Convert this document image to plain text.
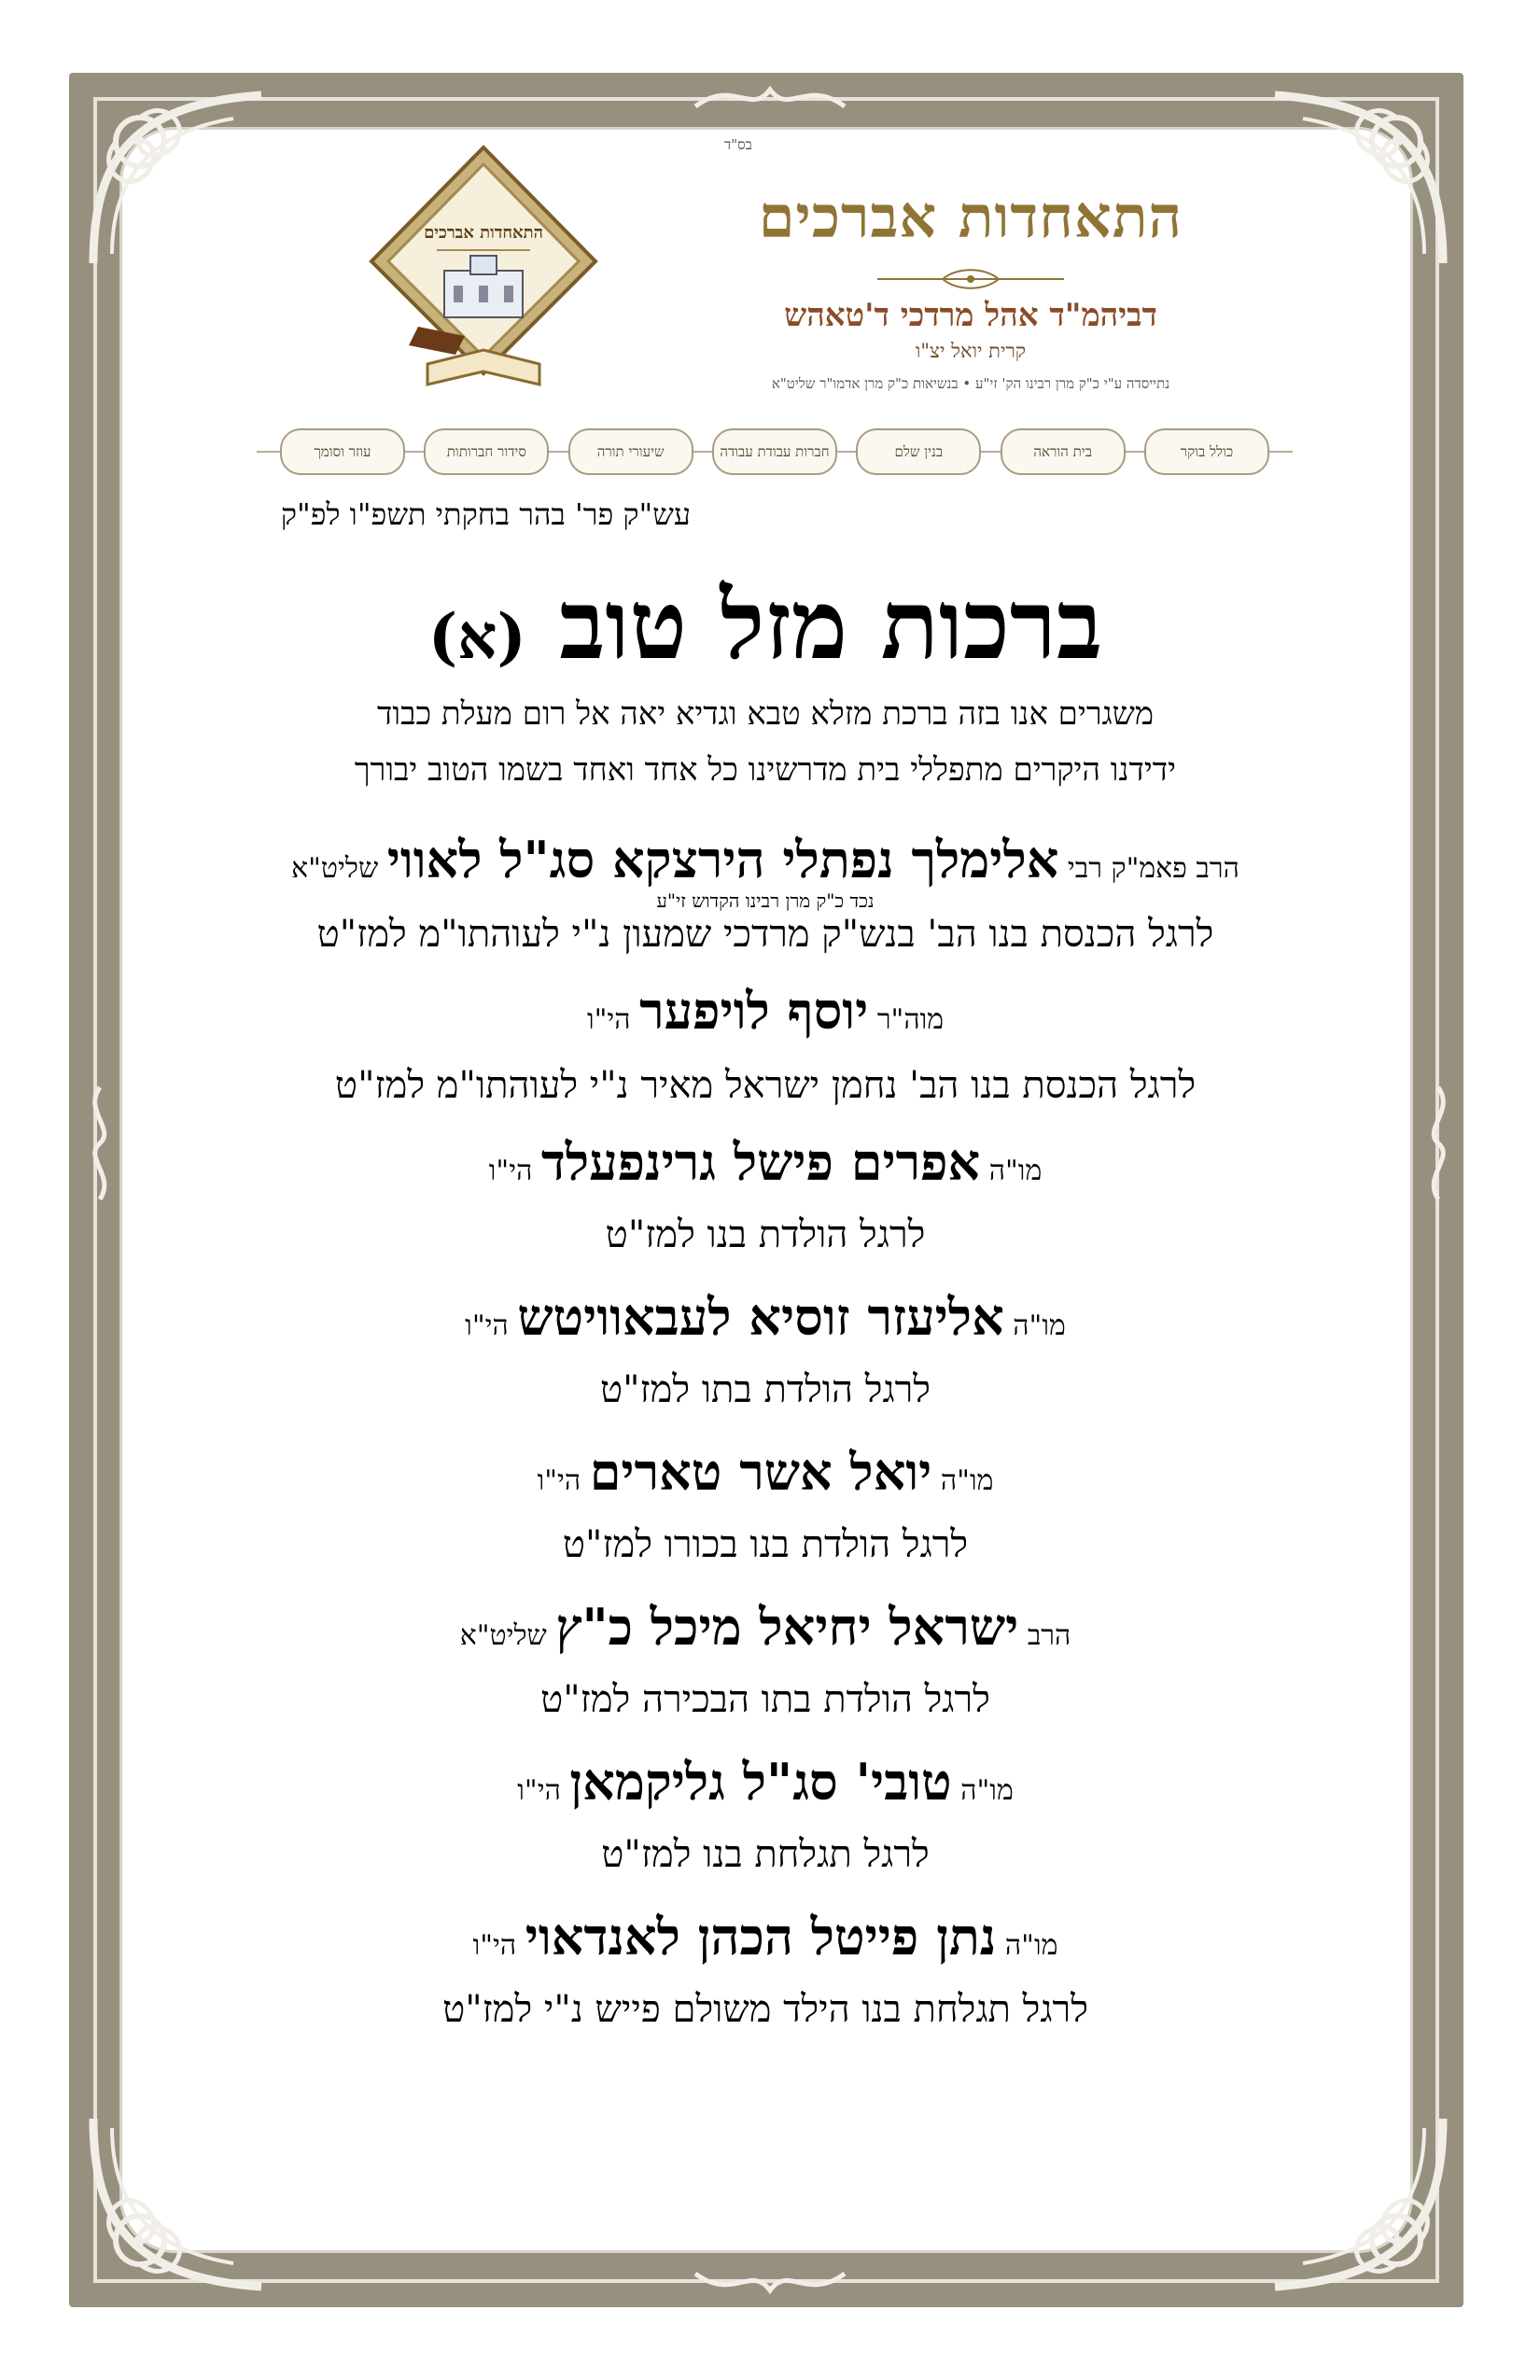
בס"ד
התאחדות אברכים
דביהמ"ד אהל מרדכי ד'טאהש
קרית יואל יצ"ו
נתייסדה ע"י כ"ק מרן רבינו הק' זי"ע • בנשיאות כ"ק מרן אדמו"ר שליט"א
התאחדות אברכים
כולל בוקר
בית הוראה
בנין שלם
חברות עבודת עבודה
שיעורי תורה
סידור חברותות
עוזר וסומך
עש"ק פר' בהר בחקתי תשפ"ו לפ"ק
ברכות מזל טוב (א)
משגרים אנו בזה ברכת מזלא טבא וגדיא יאה אל רום מעלת כבוד
ידידנו היקרים מתפללי בית מדרשינו כל אחד ואחד בשמו הטוב יבורך
הרב פאמ"ק רבי אלימלך נפתלי הירצקא סג"ל לאווי שליט"א
נכד כ"ק מרן רבינו הקדוש זי"ע
לרגל הכנסת בנו הב' בנש"ק מרדכי שמעון נ"י לעוהתו"מ למז"ט
מוה"ר יוסף לויפער הי"ו
לרגל הכנסת בנו הב' נחמן ישראל מאיר נ"י לעוהתו"מ למז"ט
מו"ה אפרים פישל גרינפעלד הי"ו
לרגל הולדת בנו למז"ט
מו"ה אליעזר זוסיא לעבאוויטש הי"ו
לרגל הולדת בתו למז"ט
מו"ה יואל אשר טארים הי"ו
לרגל הולדת בנו בכורו למז"ט
הרב ישראל יחיאל מיכל כ"ץ שליט"א
לרגל הולדת בתו הבכירה למז"ט
מו"ה טובי' סג"ל גליקמאן הי"ו
לרגל תגלחת בנו למז"ט
מו"ה נתן פייטל הכהן לאנדאוי הי"ו
לרגל תגלחת בנו הילד משולם פייש נ"י למז"ט
